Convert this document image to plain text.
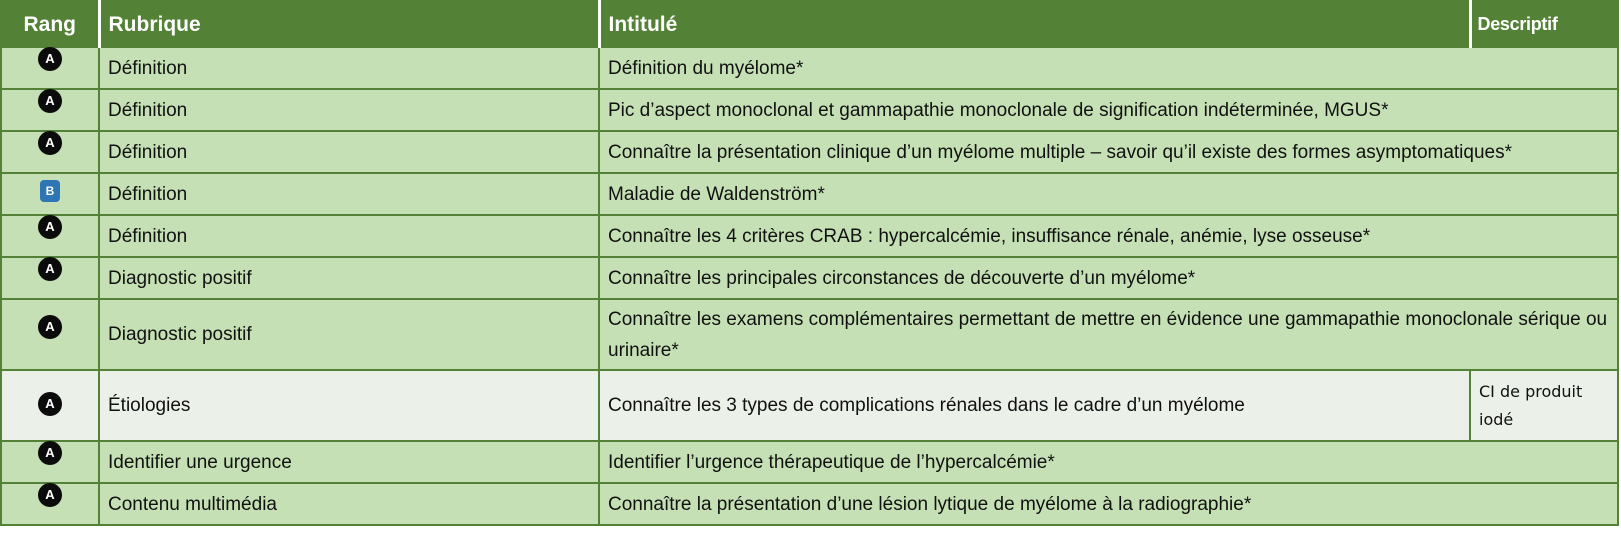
Rang	Rubrique	Intitulé	Descriptif
A	Définition	Définition du myélome*	
A	Définition	Pic d’aspect monoclonal et gammapathie monoclonale de signification indéterminée, MGUS*	
A	Définition	Connaître la présentation clinique d’un myélome multiple – savoir qu’il existe des formes asymptomatiques*	
B	Définition	Maladie de Waldenström*	
A	Définition	Connaître les 4 critères CRAB : hypercalcémie, insuffisance rénale, anémie, lyse osseuse*	
A	Diagnostic positif	Connaître les principales circonstances de découverte d’un myélome*	
A	Diagnostic positif	Connaître les examens complémentaires permettant de mettre en évidence une gammapathie monoclonale sérique ou urinaire*	
A	Étiologies	Connaître les 3 types de complications rénales dans le cadre d’un myélome	CI de produit iodé
A	Identifier une urgence	Identifier l’urgence thérapeutique de l’hypercalcémie*	
A	Contenu multimédia	Connaître la présentation d’une lésion lytique de myélome à la radiographie*	
